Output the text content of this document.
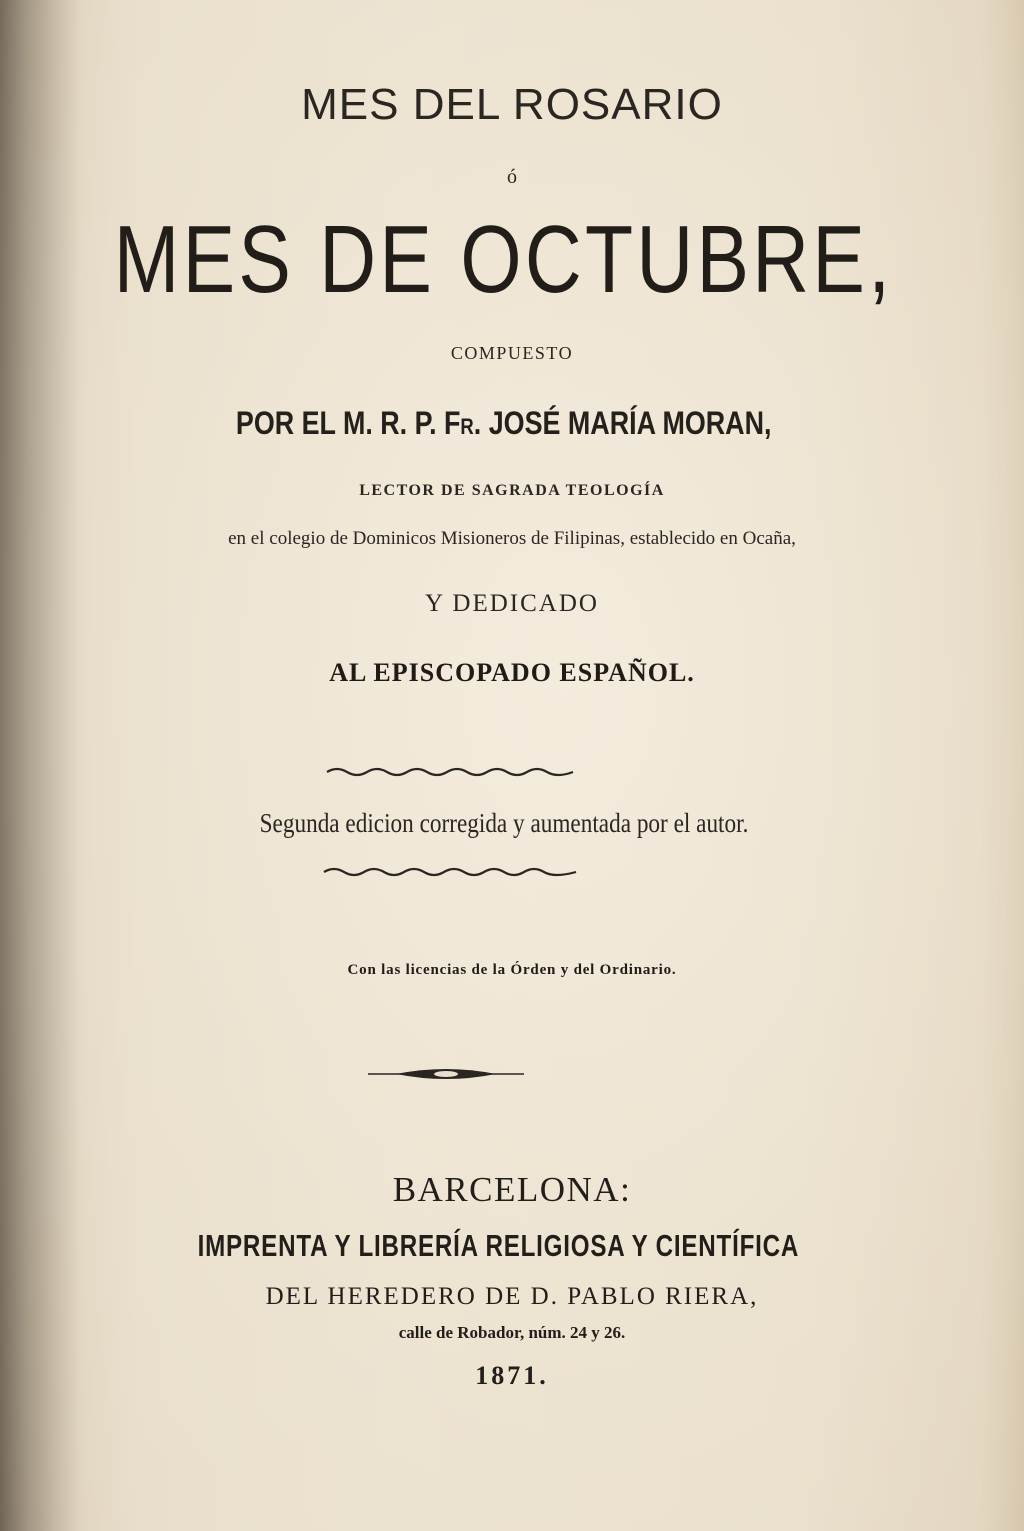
MES DEL ROSARIO

ó

MES DE OCTUBRE,

COMPUESTO

POR EL M. R. P. FR. JOSÉ MARÍA MORAN,

LECTOR DE SAGRADA TEOLOGÍA

en el colegio de Dominicos Misioneros de Filipinas, establecido en Ocaña,

Y DEDICADO

AL EPISCOPADO ESPAÑOL.

Segunda edicion corregida y aumentada por el autor.

Con las licencias de la Órden y del Ordinario.

BARCELONA:

IMPRENTA Y LIBRERÍA RELIGIOSA Y CIENTÍFICA

DEL HEREDERO DE D. PABLO RIERA,

calle de Robador, núm. 24 y 26.

1871.
